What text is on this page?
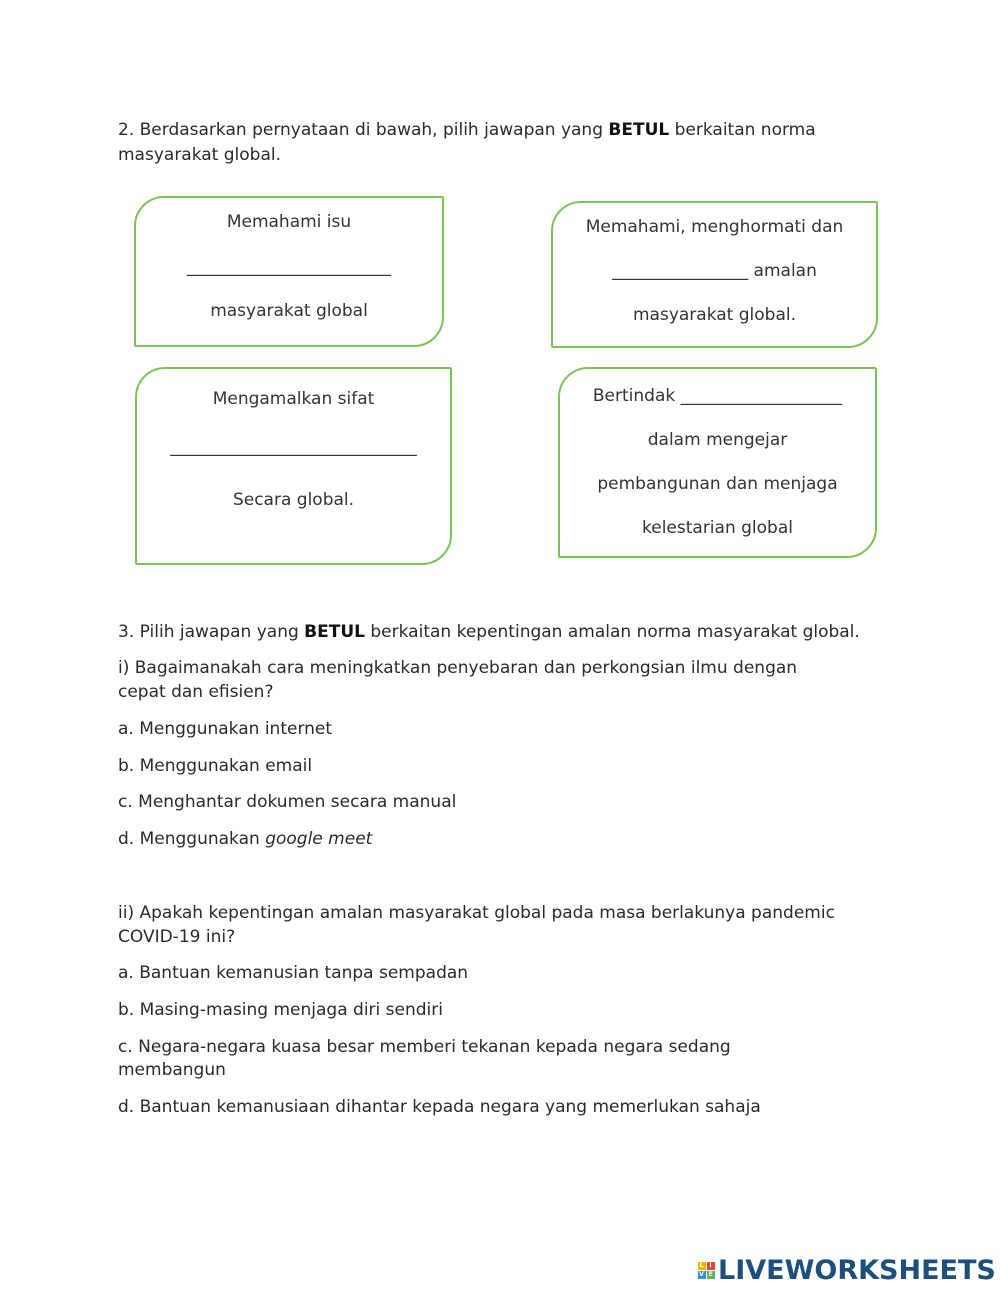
2. Berdasarkan pernyataan di bawah, pilih jawapan yang BETUL berkaitan norma

masyarakat global.

Memahami isu
________________________
masyarakat global
Memahami, menghormati dan
________________ amalan
masyarakat global.
Mengamalkan sifat
_____________________________
Secara global.
Bertindak ___________________
dalam mengejar
pembangunan dan menjaga
kelestarian global

3. Pilih jawapan yang BETUL berkaitan kepentingan amalan norma masyarakat global.

i) Bagaimanakah cara meningkatkan penyebaran dan perkongsian ilmu dengan

cepat dan efisien?

a. Menggunakan internet

b. Menggunakan email

c. Menghantar dokumen secara manual

d. Menggunakan google meet

ii) Apakah kepentingan amalan masyarakat global pada masa berlakunya pandemic

COVID-19 ini?

a. Bantuan kemanusian tanpa sempadan

b. Masing-masing menjaga diri sendiri

c. Negara-negara kuasa besar memberi tekanan kepada negara sedang

membangun

d. Bantuan kemanusiaan dihantar kepada negara yang memerlukan sahaja

L I
V E LIVEWORKSHEETS
